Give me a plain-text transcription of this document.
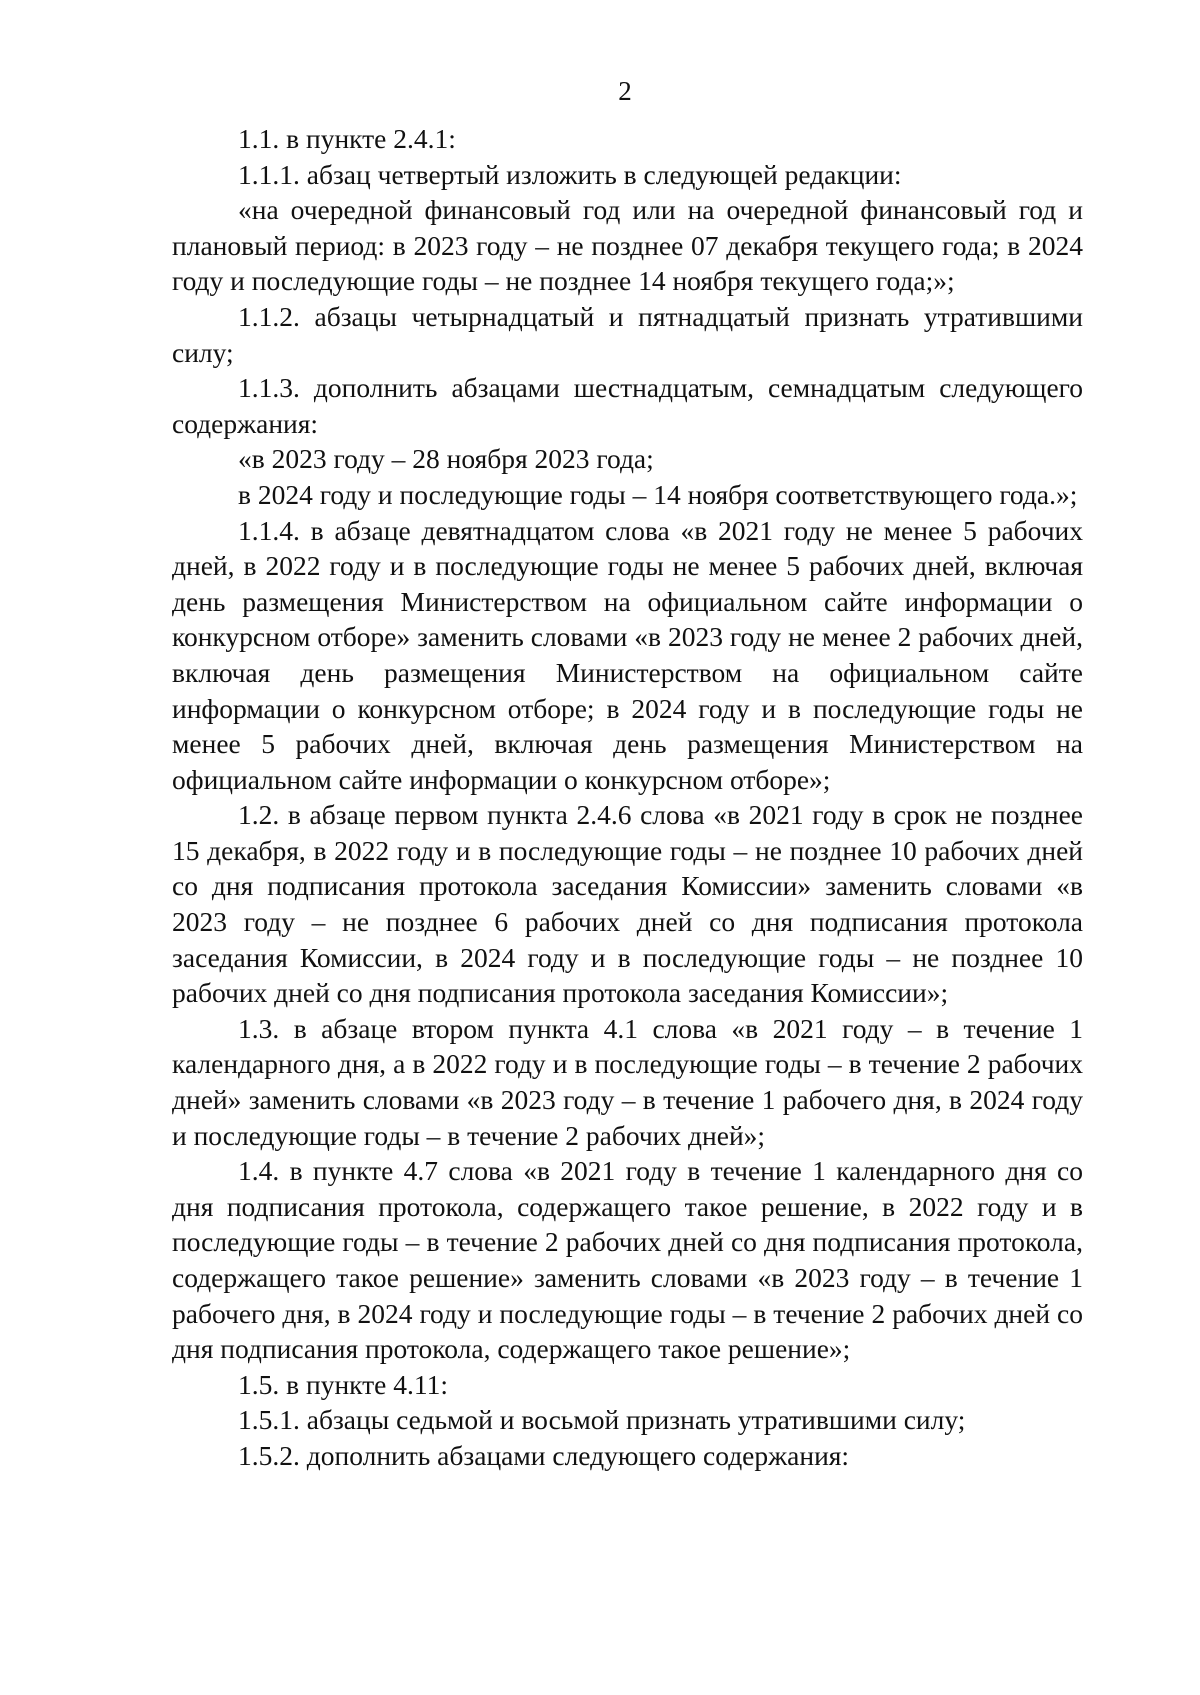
2

1.1. в пункте 2.4.1:

1.1.1. абзац четвертый изложить в следующей редакции:

«на очередной финансовый год или на очередной финансовый год и плановый период: в 2023 году – не позднее 07 декабря текущего года; в 2024 году и последующие годы – не позднее 14 ноября текущего года;»;

1.1.2. абзацы четырнадцатый и пятнадцатый признать утратившими силу;

1.1.3. дополнить абзацами шестнадцатым, семнадцатым следующего содержания:

«в 2023 году – 28 ноября 2023 года;

в 2024 году и последующие годы – 14 ноября соответствующего года.»;

1.1.4. в абзаце девятнадцатом слова «в 2021 году не менее 5 рабочих дней, в 2022 году и в последующие годы не менее 5 рабочих дней, включая день размещения Министерством на официальном сайте информации о конкурсном отборе» заменить словами «в 2023 году не менее 2 рабочих дней, включая день размещения Министерством на официальном сайте информации о конкурсном отборе; в 2024 году и в последующие годы не менее 5 рабочих дней, включая день размещения Министерством на официальном сайте информации о конкурсном отборе»;

1.2. в абзаце первом пункта 2.4.6 слова «в 2021 году в срок не позднее 15 декабря, в 2022 году и в последующие годы – не позднее 10 рабочих дней со дня подписания протокола заседания Комиссии» заменить словами «в 2023 году – не позднее 6 рабочих дней со дня подписания протокола заседания Комиссии, в 2024 году и в последующие годы – не позднее 10 рабочих дней со дня подписания протокола заседания Комиссии»;

1.3. в абзаце втором пункта 4.1 слова «в 2021 году – в течение 1 календарного дня, а в 2022 году и в последующие годы – в течение 2 рабочих дней» заменить словами «в 2023 году – в течение 1 рабочего дня, в 2024 году и последующие годы – в течение 2 рабочих дней»;

1.4. в пункте 4.7 слова «в 2021 году в течение 1 календарного дня со дня подписания протокола, содержащего такое решение, в 2022 году и в последующие годы – в течение 2 рабочих дней со дня подписания протокола, содержащего такое решение» заменить словами «в 2023 году – в течение 1 рабочего дня, в 2024 году и последующие годы – в течение 2 рабочих дней со дня подписания протокола, содержащего такое решение»;

1.5. в пункте 4.11:

1.5.1. абзацы седьмой и восьмой признать утратившими силу;

1.5.2. дополнить абзацами следующего содержания:
